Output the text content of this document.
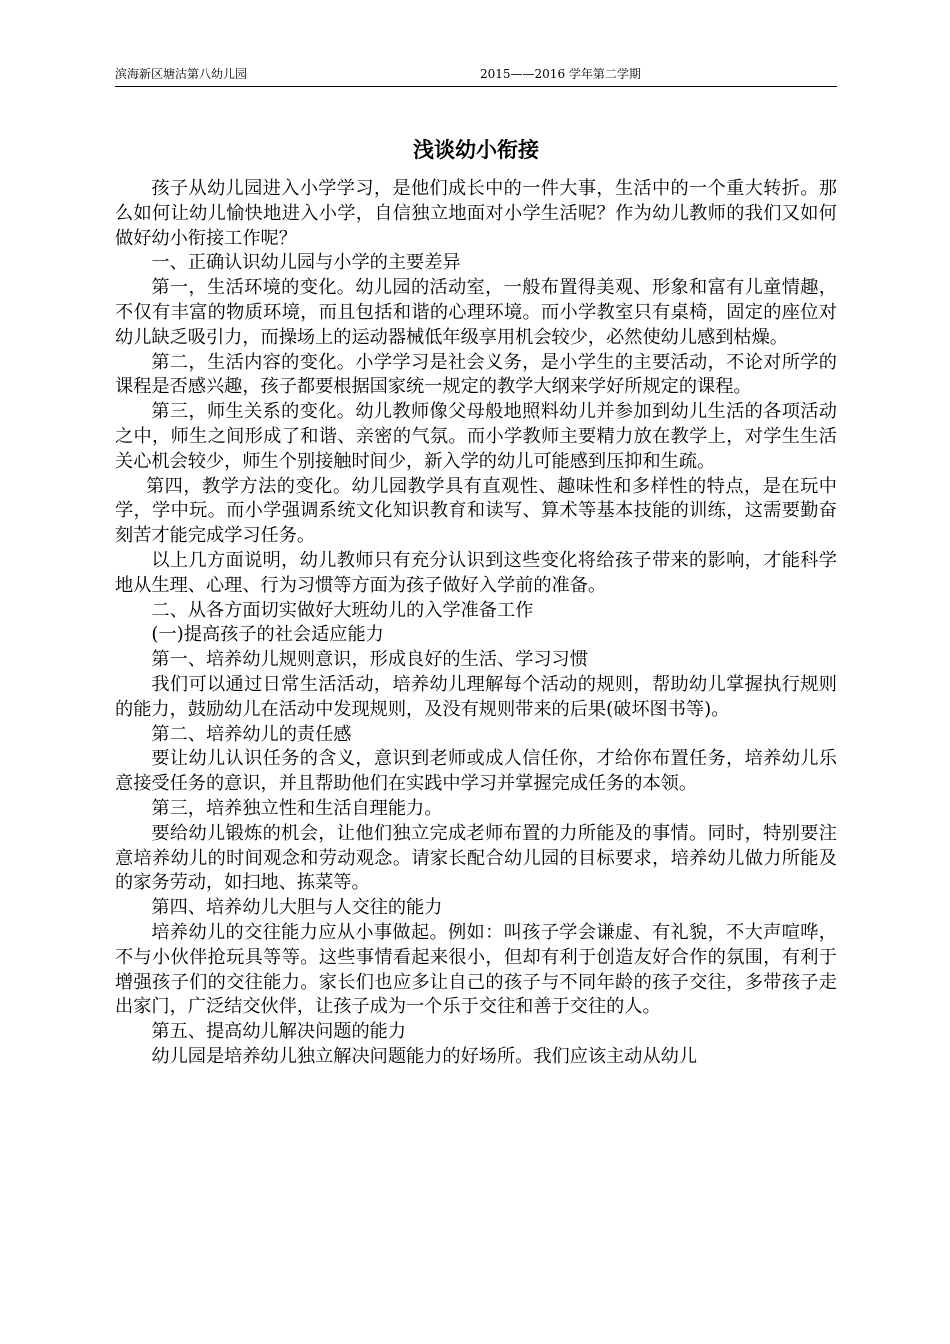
滨海新区塘沽第八幼儿园	2015——2016 学年第二学期
浅谈幼小衔接

孩子从幼儿园进入小学学习，是他们成长中的一件大事，生活中的一个重大转折。那么如何让幼儿愉快地进入小学，自信独立地面对小学生活呢？作为幼儿教师的我们又如何做好幼小衔接工作呢？

一、正确认识幼儿园与小学的主要差异

第一，生活环境的变化。幼儿园的活动室，一般布置得美观、形象和富有儿童情趣，不仅有丰富的物质环境，而且包括和谐的心理环境。而小学教室只有桌椅，固定的座位对幼儿缺乏吸引力，而操场上的运动器械低年级享用机会较少，必然使幼儿感到枯燥。

第二，生活内容的变化。小学学习是社会义务，是小学生的主要活动，不论对所学的课程是否感兴趣，孩子都要根据国家统一规定的教学大纲来学好所规定的课程。

第三，师生关系的变化。幼儿教师像父母般地照料幼儿并参加到幼儿生活的各项活动之中，师生之间形成了和谐、亲密的气氛。而小学教师主要精力放在教学上，对学生生活关心机会较少，师生个别接触时间少，新入学的幼儿可能感到压抑和生疏。

第四，教学方法的变化。幼儿园教学具有直观性、趣味性和多样性的特点，是在玩中学，学中玩。而小学强调系统文化知识教育和读写、算术等基本技能的训练，这需要勤奋刻苦才能完成学习任务。

以上几方面说明，幼儿教师只有充分认识到这些变化将给孩子带来的影响，才能科学地从生理、心理、行为习惯等方面为孩子做好入学前的准备。

二、从各方面切实做好大班幼儿的入学准备工作

(一)提高孩子的社会适应能力

第一、培养幼儿规则意识，形成良好的生活、学习习惯

我们可以通过日常生活活动，培养幼儿理解每个活动的规则，帮助幼儿掌握执行规则的能力，鼓励幼儿在活动中发现规则，及没有规则带来的后果(破坏图书等)。

第二、培养幼儿的责任感

要让幼儿认识任务的含义，意识到老师或成人信任你，才给你布置任务，培养幼儿乐意接受任务的意识，并且帮助他们在实践中学习并掌握完成任务的本领。

第三，培养独立性和生活自理能力。

要给幼儿锻炼的机会，让他们独立完成老师布置的力所能及的事情。同时，特别要注意培养幼儿的时间观念和劳动观念。请家长配合幼儿园的目标要求，培养幼儿做力所能及的家务劳动，如扫地、拣菜等。

第四、培养幼儿大胆与人交往的能力

培养幼儿的交往能力应从小事做起。例如：叫孩子学会谦虚、有礼貌，不大声喧哗，不与小伙伴抢玩具等等。这些事情看起来很小，但却有利于创造友好合作的氛围，有利于增强孩子们的交往能力。家长们也应多让自己的孩子与不同年龄的孩子交往，多带孩子走出家门，广泛结交伙伴，让孩子成为一个乐于交往和善于交往的人。

第五、提高幼儿解决问题的能力

幼儿园是培养幼儿独立解决问题能力的好场所。我们应该主动从幼儿
